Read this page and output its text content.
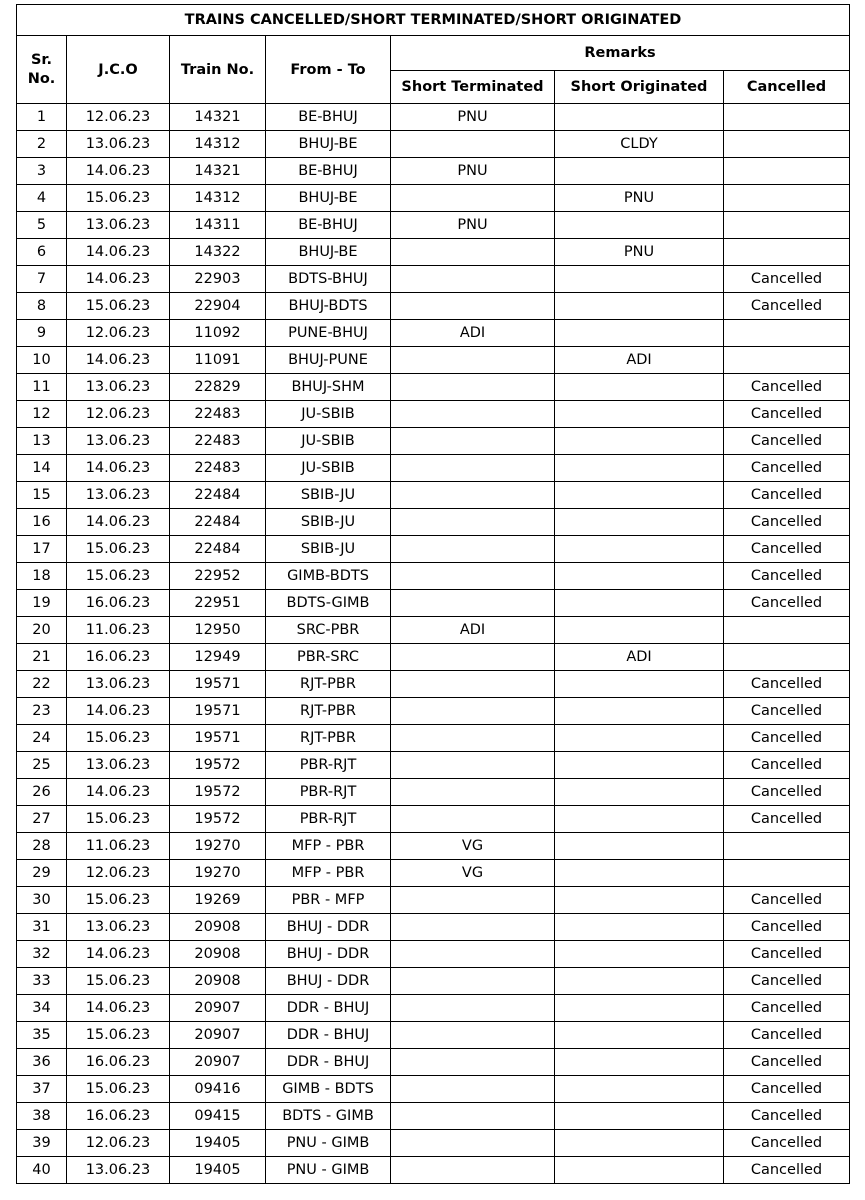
TRAINS CANCELLED/SHORT TERMINATED/SHORT ORIGINATED						
Sr.
No.	J.C.O	Train No.	From - To	Remarks		
				Short Terminated	Short Originated	Cancelled
1	12.06.23	14321	BE-BHUJ	PNU		
2	13.06.23	14312	BHUJ-BE		CLDY	
3	14.06.23	14321	BE-BHUJ	PNU		
4	15.06.23	14312	BHUJ-BE		PNU	
5	13.06.23	14311	BE-BHUJ	PNU		
6	14.06.23	14322	BHUJ-BE		PNU	
7	14.06.23	22903	BDTS-BHUJ			Cancelled
8	15.06.23	22904	BHUJ-BDTS			Cancelled
9	12.06.23	11092	PUNE-BHUJ	ADI		
10	14.06.23	11091	BHUJ-PUNE		ADI	
11	13.06.23	22829	BHUJ-SHM			Cancelled
12	12.06.23	22483	JU-SBIB			Cancelled
13	13.06.23	22483	JU-SBIB			Cancelled
14	14.06.23	22483	JU-SBIB			Cancelled
15	13.06.23	22484	SBIB-JU			Cancelled
16	14.06.23	22484	SBIB-JU			Cancelled
17	15.06.23	22484	SBIB-JU			Cancelled
18	15.06.23	22952	GIMB-BDTS			Cancelled
19	16.06.23	22951	BDTS-GIMB			Cancelled
20	11.06.23	12950	SRC-PBR	ADI		
21	16.06.23	12949	PBR-SRC		ADI	
22	13.06.23	19571	RJT-PBR			Cancelled
23	14.06.23	19571	RJT-PBR			Cancelled
24	15.06.23	19571	RJT-PBR			Cancelled
25	13.06.23	19572	PBR-RJT			Cancelled
26	14.06.23	19572	PBR-RJT			Cancelled
27	15.06.23	19572	PBR-RJT			Cancelled
28	11.06.23	19270	MFP - PBR	VG		
29	12.06.23	19270	MFP - PBR	VG		
30	15.06.23	19269	PBR - MFP			Cancelled
31	13.06.23	20908	BHUJ - DDR			Cancelled
32	14.06.23	20908	BHUJ - DDR			Cancelled
33	15.06.23	20908	BHUJ - DDR			Cancelled
34	14.06.23	20907	DDR - BHUJ			Cancelled
35	15.06.23	20907	DDR - BHUJ			Cancelled
36	16.06.23	20907	DDR - BHUJ			Cancelled
37	15.06.23	09416	GIMB - BDTS			Cancelled
38	16.06.23	09415	BDTS - GIMB			Cancelled
39	12.06.23	19405	PNU - GIMB			Cancelled
40	13.06.23	19405	PNU - GIMB			Cancelled
